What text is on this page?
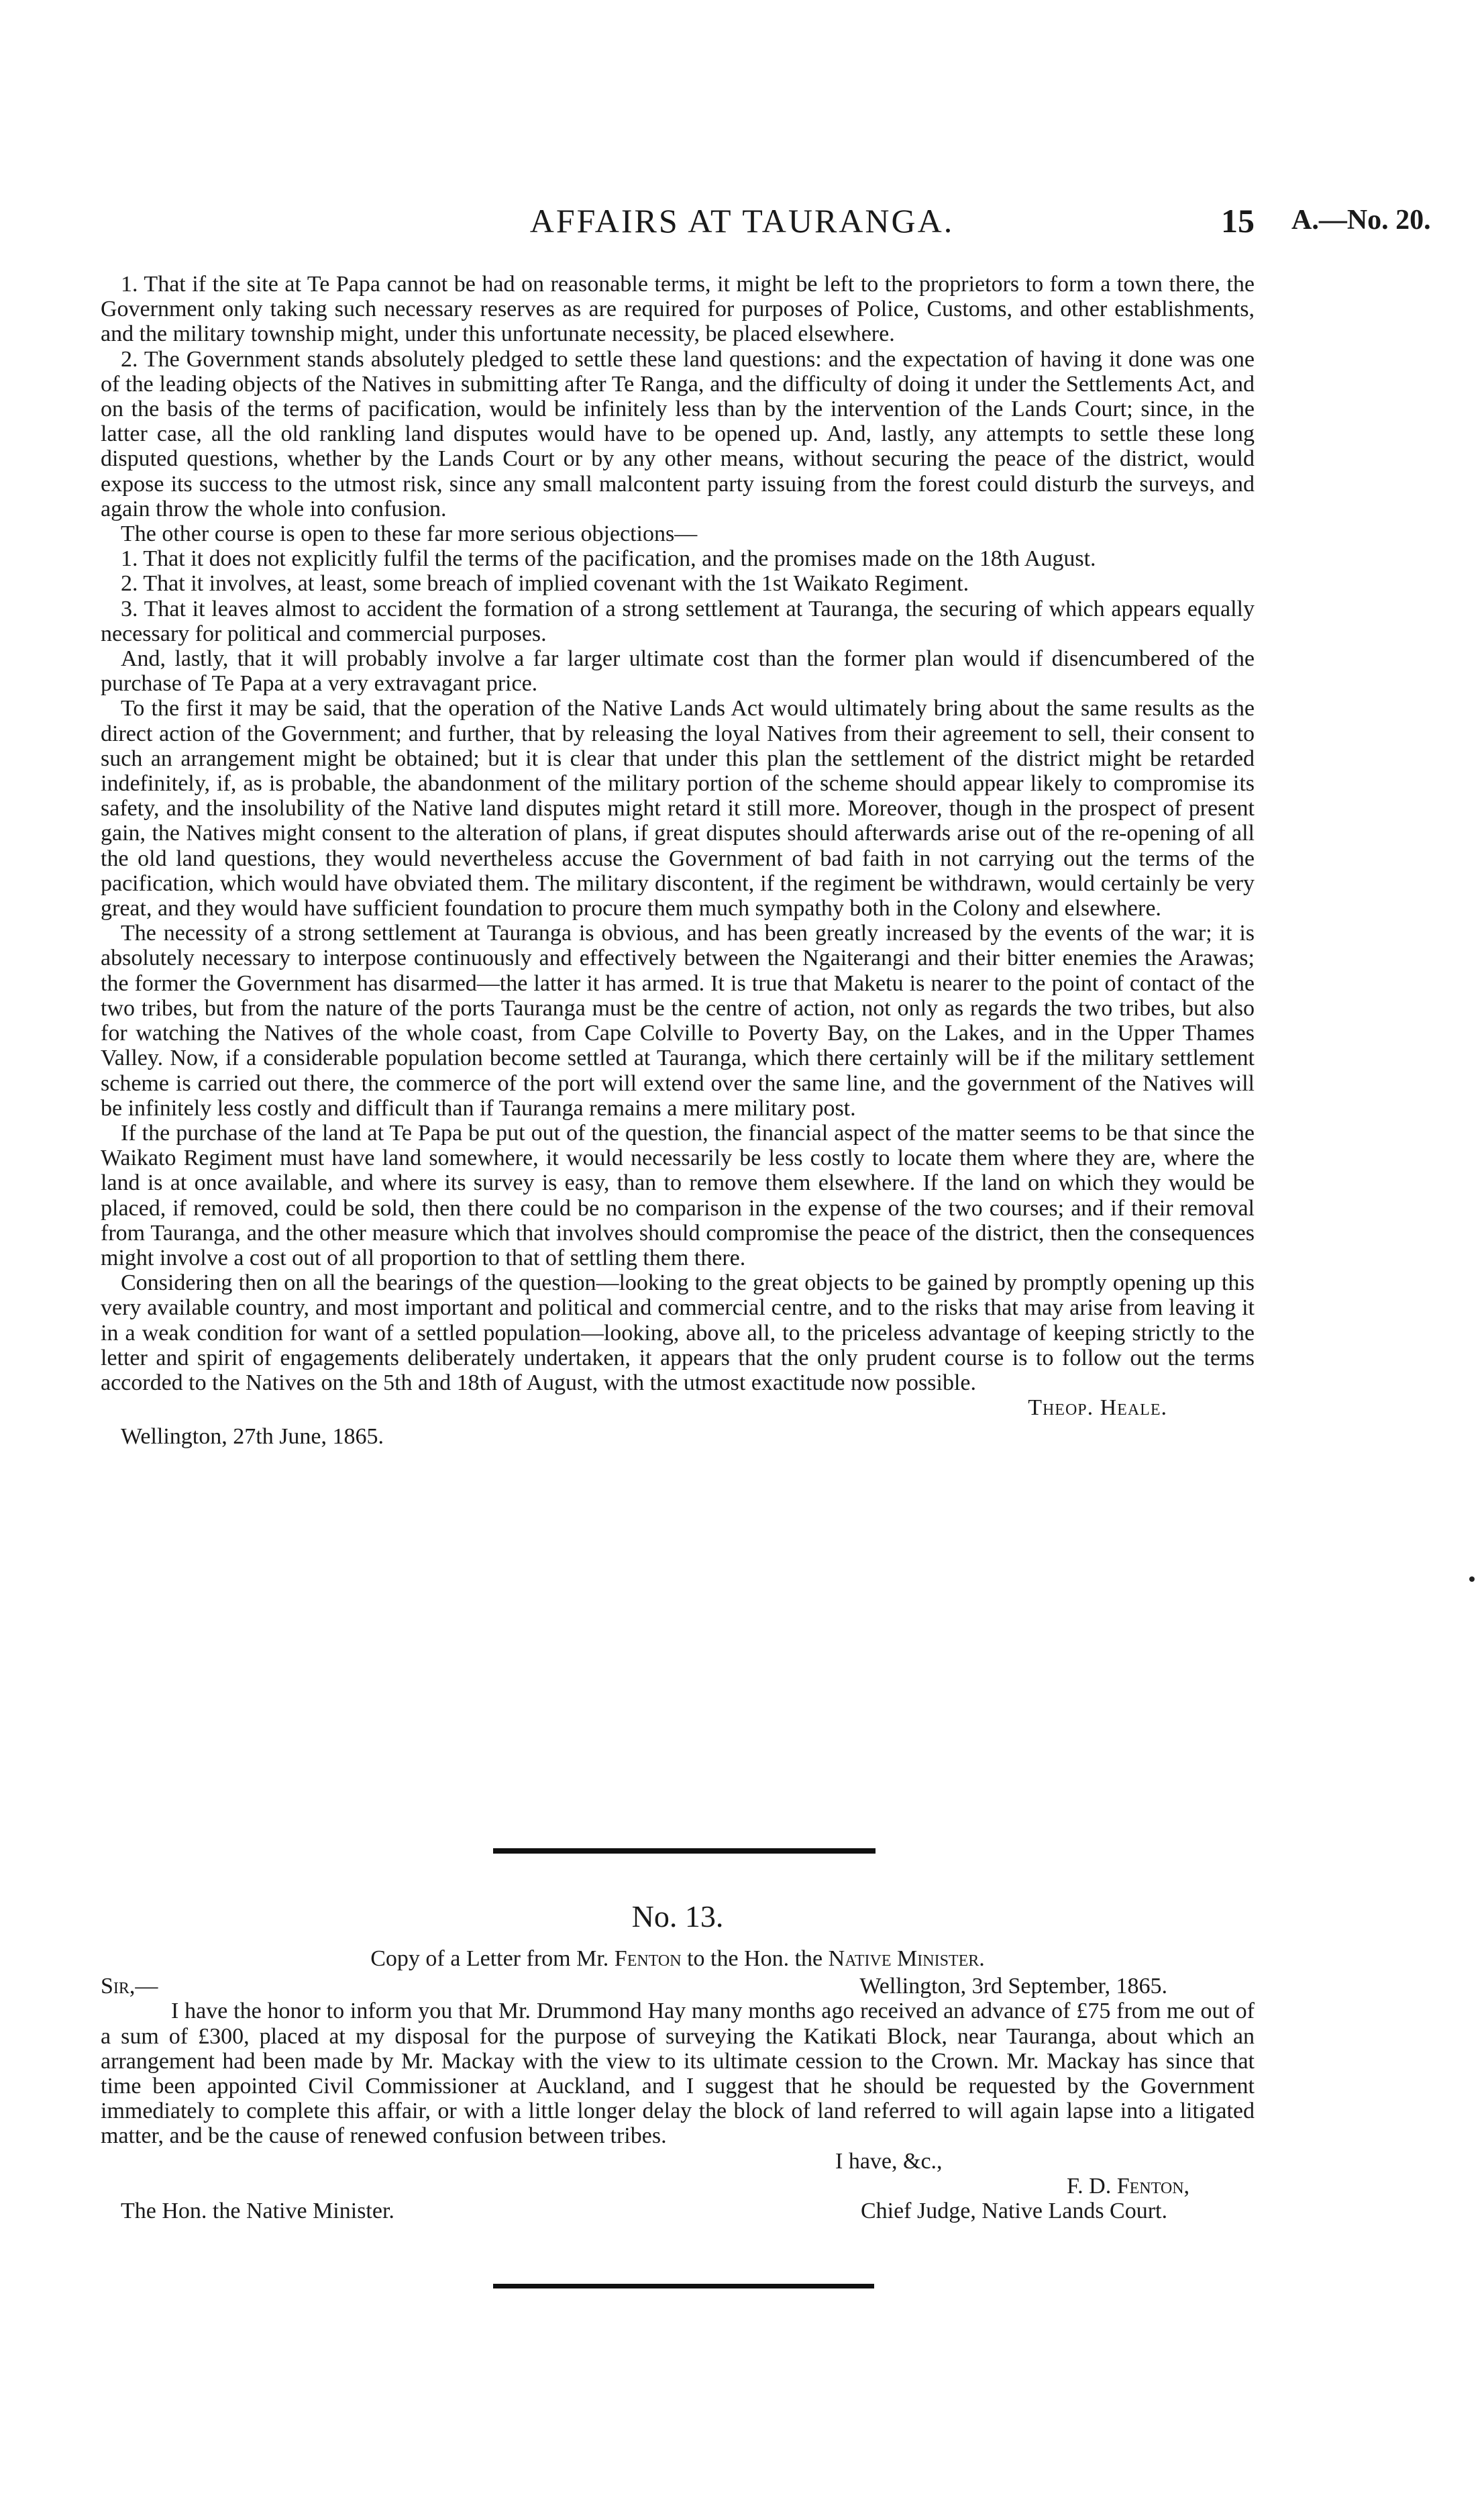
AFFAIRS AT TAURANGA.	15 A.—No. 20.

1. That if the site at Te Papa cannot be had on reasonable terms, it might be left to the proprietors to form a town there, the Government only taking such necessary reserves as are required for purposes of Police, Customs, and other establishments, and the military township might, under this unfortunate necessity, be placed elsewhere.

2. The Government stands absolutely pledged to settle these land questions: and the expectation of having it done was one of the leading objects of the Natives in submitting after Te Ranga, and the difficulty of doing it under the Settlements Act, and on the basis of the terms of pacification, would be infinitely less than by the intervention of the Lands Court; since, in the latter case, all the old rankling land disputes would have to be opened up. And, lastly, any attempts to settle these long disputed questions, whether by the Lands Court or by any other means, without securing the peace of the district, would expose its success to the utmost risk, since any small malcontent party issuing from the forest could disturb the surveys, and again throw the whole into confusion.

The other course is open to these far more serious objections—

1. That it does not explicitly fulfil the terms of the pacification, and the promises made on the 18th August.

2. That it involves, at least, some breach of implied covenant with the 1st Waikato Regiment.

3. That it leaves almost to accident the formation of a strong settlement at Tauranga, the securing of which appears equally necessary for political and commercial purposes.

And, lastly, that it will probably involve a far larger ultimate cost than the former plan would if disencumbered of the purchase of Te Papa at a very extravagant price.

To the first it may be said, that the operation of the Native Lands Act would ultimately bring about the same results as the direct action of the Government; and further, that by releasing the loyal Natives from their agreement to sell, their consent to such an arrangement might be obtained; but it is clear that under this plan the settlement of the district might be retarded indefinitely, if, as is probable, the abandonment of the military portion of the scheme should appear likely to compromise its safety, and the insolubility of the Native land disputes might retard it still more. Moreover, though in the prospect of present gain, the Natives might consent to the alteration of plans, if great disputes should afterwards arise out of the re-opening of all the old land questions, they would nevertheless accuse the Government of bad faith in not carrying out the terms of the pacification, which would have obviated them. The military discontent, if the regiment be withdrawn, would certainly be very great, and they would have sufficient foundation to procure them much sympathy both in the Colony and elsewhere.

The necessity of a strong settlement at Tauranga is obvious, and has been greatly increased by the events of the war; it is absolutely necessary to interpose continuously and effectively between the Ngaiterangi and their bitter enemies the Arawas; the former the Government has disarmed—the latter it has armed. It is true that Maketu is nearer to the point of contact of the two tribes, but from the nature of the ports Tauranga must be the centre of action, not only as regards the two tribes, but also for watching the Natives of the whole coast, from Cape Colville to Poverty Bay, on the Lakes, and in the Upper Thames Valley. Now, if a considerable population become settled at Tauranga, which there certainly will be if the military settlement scheme is carried out there, the commerce of the port will extend over the same line, and the government of the Natives will be infinitely less costly and difficult than if Tauranga remains a mere military post.

If the purchase of the land at Te Papa be put out of the question, the financial aspect of the matter seems to be that since the Waikato Regiment must have land somewhere, it would necessarily be less costly to locate them where they are, where the land is at once available, and where its survey is easy, than to remove them elsewhere. If the land on which they would be placed, if removed, could be sold, then there could be no comparison in the expense of the two courses; and if their removal from Tauranga, and the other measure which that involves should compromise the peace of the district, then the consequences might involve a cost out of all proportion to that of settling them there.

Considering then on all the bearings of the question—looking to the great objects to be gained by promptly opening up this very available country, and most important and political and commercial centre, and to the risks that may arise from leaving it in a weak condition for want of a settled population—looking, above all, to the priceless advantage of keeping strictly to the letter and spirit of engagements deliberately undertaken, it appears that the only prudent course is to follow out the terms accorded to the Natives on the 5th and 18th of August, with the utmost exactitude now possible.

Theop. Heale.
Wellington, 27th June, 1865.
No. 13.
Copy of a Letter from Mr. Fenton to the Hon. the Native Minister.
Sir,—	Wellington, 3rd September, 1865.

I have the honor to inform you that Mr. Drummond Hay many months ago received an advance of £75 from me out of a sum of £300, placed at my disposal for the purpose of surveying the Katikati Block, near Tauranga, about which an arrangement had been made by Mr. Mackay with the view to its ultimate cession to the Crown. Mr. Mackay has since that time been appointed Civil Commissioner at Auckland, and I suggest that he should be requested by the Government immediately to complete this affair, or with a little longer delay the block of land referred to will again lapse into a litigated matter, and be the cause of renewed confusion between tribes.

I have, &c.,
F. D. Fenton,
The Hon. the Native Minister.	Chief Judge, Native Lands Court.
